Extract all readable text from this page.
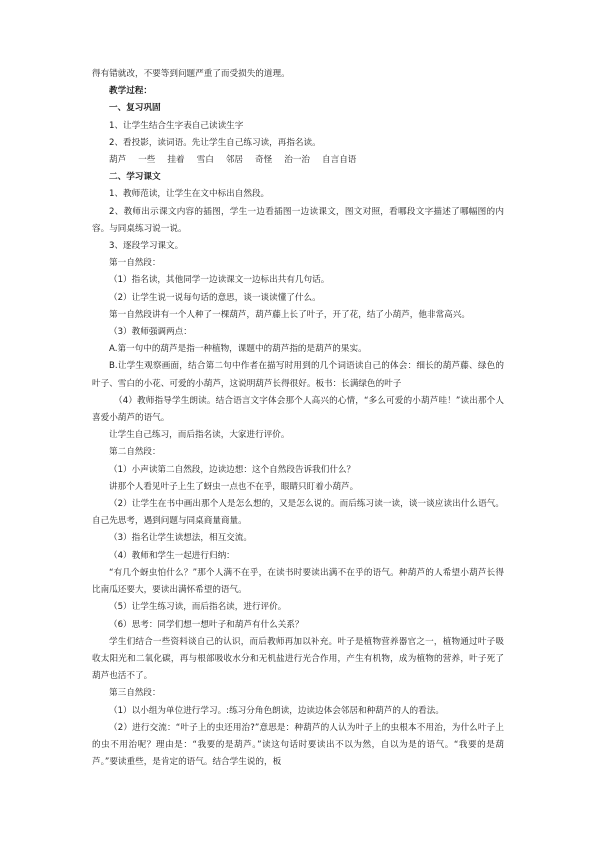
得有错就改，不要等到问题严重了而受损失的道理。

教学过程：

一、复习巩固

1、让学生结合生字表自己读读生字

2、看投影，读词语。先让学生自己练习读，再指名读。

葫芦 一些 挂着 雪白 邻居 奇怪 治一治 自言自语

二、学习课文

1、教师范读，让学生在文中标出自然段。

2、教师出示课文内容的插图，学生一边看插图一边读课文，图文对照，看哪段文字描述了哪幅图的内容。与同桌练习说一说。

3、逐段学习课文。

第一自然段：

（1）指名读，其他同学一边读课文一边标出共有几句话。

（2）让学生说一说每句话的意思，谈一谈读懂了什么。

第一自然段讲有一个人种了一棵葫芦，葫芦藤上长了叶子，开了花，结了小葫芦，他非常高兴。

（3）教师强调两点：

A.第一句中的葫芦是指一种植物，课题中的葫芦指的是葫芦的果实。

B.让学生观察画面，结合第二句中作者在描写时用到的几个词语读自己的体会：细长的葫芦藤、绿色的叶子、雪白的小花、可爱的小葫芦，这说明葫芦长得很好。板书：长满绿色的叶子

（4）教师指导学生朗读。结合语言文字体会那个人高兴的心情，“多么可爱的小葫芦哇！”读出那个人喜爱小葫芦的语气。

让学生自己练习，而后指名读，大家进行评价。

第二自然段：

（1）小声读第二自然段，边读边想：这个自然段告诉我们什么？

讲那个人看见叶子上生了蚜虫一点也不在乎，眼睛只盯着小葫芦。

（2）让学生在书中画出那个人是怎么想的，又是怎么说的。而后练习读一读，谈一谈应读出什么语气。自己先思考，遇到问题与同桌商量商量。

（3）指名让学生读想法，相互交流。

（4）教师和学生一起进行归纳：

“有几个蚜虫怕什么？”那个人满不在乎，在读书时要读出满不在乎的语气。种葫芦的人希望小葫芦长得比南瓜还要大，要读出满怀希望的语气。

（5）让学生练习读，而后指名读，进行评价。

（6）思考：同学们想一想叶子和葫芦有什么关系？

学生们结合一些资料谈自己的认识，而后教师再加以补充。叶子是植物营养器官之一，植物通过叶子吸收太阳光和二氧化碳，再与根部吸收水分和无机盐进行光合作用，产生有机物，成为植物的营养，叶子死了葫芦也活不了。

第三自然段：

（1）以小组为单位进行学习。:练习分角色朗读，边读边体会邻居和种葫芦的人的看法。

（2）进行交流：“叶子上的虫还用治?”意思是：种葫芦的人认为叶子上的虫根本不用治，为什么叶子上的虫不用治呢？理由是：“我要的是葫芦。”读这句话时要读出不以为然，自以为是的语气。“我要的是葫芦。”要读重些，是肯定的语气。结合学生说的，板
